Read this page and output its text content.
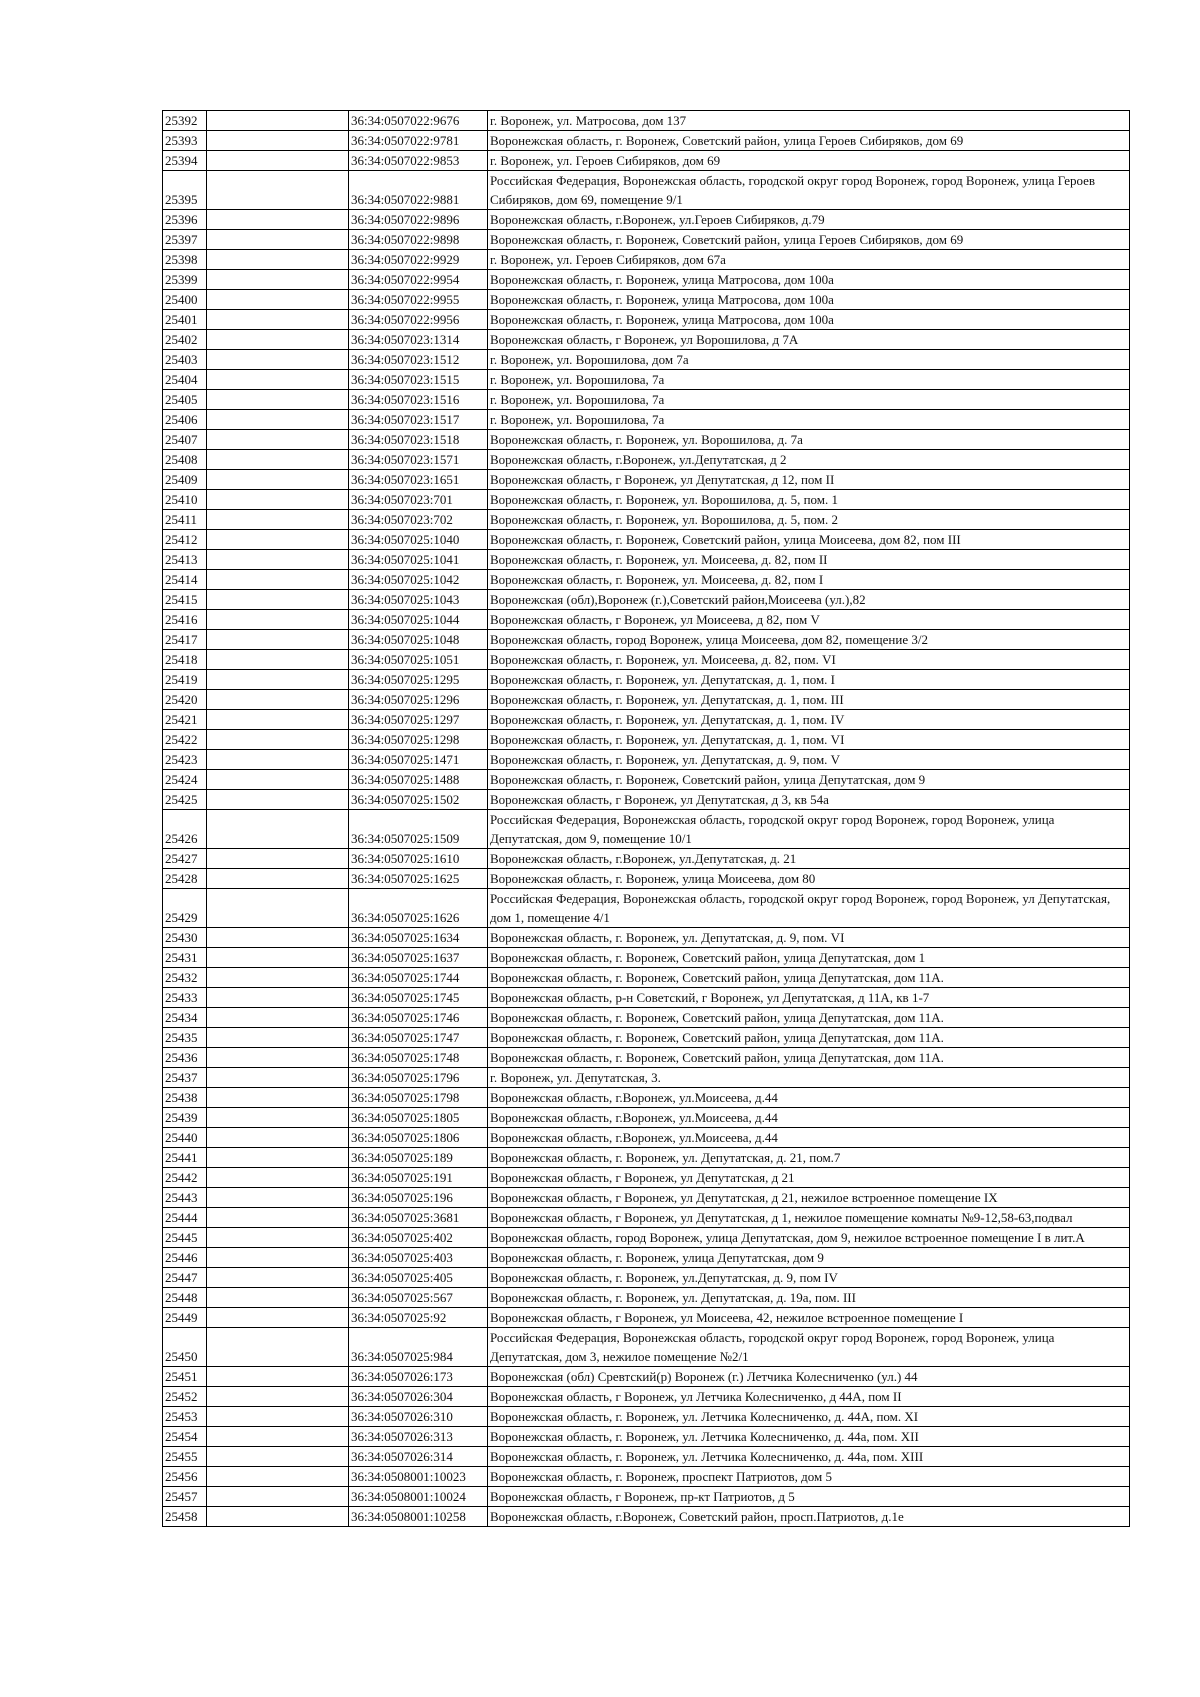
25392		36:34:0507022:9676	г. Воронеж, ул. Матросова, дом 137
25393		36:34:0507022:9781	Воронежская область, г. Воронеж, Советский район, улица Героев Сибиряков, дом 69
25394		36:34:0507022:9853	г. Воронеж, ул. Героев Сибиряков, дом 69
25395		36:34:0507022:9881	Российская Федерация, Воронежская область, городской округ город Воронеж, город Воронеж, улица Героев Сибиряков, дом 69, помещение 9/1
25396		36:34:0507022:9896	Воронежская область, г.Воронеж, ул.Героев Сибиряков, д.79
25397		36:34:0507022:9898	Воронежская область, г. Воронеж, Советский район, улица Героев Сибиряков, дом 69
25398		36:34:0507022:9929	г. Воронеж, ул. Героев Сибиряков, дом 67а
25399		36:34:0507022:9954	Воронежская область, г. Воронеж, улица Матросова, дом 100а
25400		36:34:0507022:9955	Воронежская область, г. Воронеж, улица Матросова, дом 100а
25401		36:34:0507022:9956	Воронежская область, г. Воронеж, улица Матросова, дом 100а
25402		36:34:0507023:1314	Воронежская область, г Воронеж, ул Ворошилова, д 7А
25403		36:34:0507023:1512	г. Воронеж, ул. Ворошилова, дом 7а
25404		36:34:0507023:1515	г. Воронеж, ул. Ворошилова, 7а
25405		36:34:0507023:1516	г. Воронеж, ул. Ворошилова, 7а
25406		36:34:0507023:1517	г. Воронеж, ул. Ворошилова, 7а
25407		36:34:0507023:1518	Воронежская область, г. Воронеж, ул. Ворошилова, д. 7а
25408		36:34:0507023:1571	Воронежская область, г.Воронеж, ул.Депутатская, д 2
25409		36:34:0507023:1651	Воронежская область, г Воронеж, ул Депутатская, д 12, пом II
25410		36:34:0507023:701	Воронежская область, г. Воронеж, ул. Ворошилова, д. 5, пом. 1
25411		36:34:0507023:702	Воронежская область, г. Воронеж, ул. Ворошилова, д. 5, пом. 2
25412		36:34:0507025:1040	Воронежская область, г. Воронеж, Советский район, улица Моисеева, дом 82, пом III
25413		36:34:0507025:1041	Воронежская область, г. Воронеж, ул. Моисеева, д. 82, пом II
25414		36:34:0507025:1042	Воронежская область, г. Воронеж, ул. Моисеева, д. 82, пом I
25415		36:34:0507025:1043	Воронежская (обл),Воронеж (г.),Советский район,Моисеева (ул.),82
25416		36:34:0507025:1044	Воронежская область, г Воронеж, ул Моисеева, д 82, пом V
25417		36:34:0507025:1048	Воронежская область, город Воронеж, улица Моисеева, дом 82, помещение 3/2
25418		36:34:0507025:1051	Воронежская область, г. Воронеж, ул. Моисеева, д. 82, пом. VI
25419		36:34:0507025:1295	Воронежская область, г. Воронеж, ул. Депутатская, д. 1, пом. I
25420		36:34:0507025:1296	Воронежская область, г. Воронеж, ул. Депутатская, д. 1, пом. III
25421		36:34:0507025:1297	Воронежская область, г. Воронеж, ул. Депутатская, д. 1, пом. IV
25422		36:34:0507025:1298	Воронежская область, г. Воронеж, ул. Депутатская, д. 1, пом. VI
25423		36:34:0507025:1471	Воронежская область, г. Воронеж, ул. Депутатская, д. 9, пом. V
25424		36:34:0507025:1488	Воронежская область, г. Воронеж, Советский район, улица Депутатская, дом 9
25425		36:34:0507025:1502	Воронежская область, г Воронеж, ул Депутатская, д 3, кв 54а
25426		36:34:0507025:1509	Российская Федерация, Воронежская область, городской округ город Воронеж, город Воронеж, улица Депутатская, дом 9, помещение 10/1
25427		36:34:0507025:1610	Воронежская область, г.Воронеж, ул.Депутатская, д. 21
25428		36:34:0507025:1625	Воронежская область, г. Воронеж, улица Моисеева, дом 80
25429		36:34:0507025:1626	Российская Федерация, Воронежская область, городской округ город Воронеж, город Воронеж, ул Депутатская, дом 1, помещение 4/1
25430		36:34:0507025:1634	Воронежская область, г. Воронеж, ул. Депутатская, д. 9, пом. VI
25431		36:34:0507025:1637	Воронежская область, г. Воронеж, Советский район, улица Депутатская, дом 1
25432		36:34:0507025:1744	Воронежская область, г. Воронеж, Советский район, улица Депутатская, дом 11А.
25433		36:34:0507025:1745	Воронежская область, р-н Советский, г Воронеж, ул Депутатская, д 11А, кв 1-7
25434		36:34:0507025:1746	Воронежская область, г. Воронеж, Советский район, улица Депутатская, дом 11А.
25435		36:34:0507025:1747	Воронежская область, г. Воронеж, Советский район, улица Депутатская, дом 11А.
25436		36:34:0507025:1748	Воронежская область, г. Воронеж, Советский район, улица Депутатская, дом 11А.
25437		36:34:0507025:1796	г. Воронеж, ул. Депутатская, 3.
25438		36:34:0507025:1798	Воронежская область, г.Воронеж, ул.Моисеева, д.44
25439		36:34:0507025:1805	Воронежская область, г.Воронеж, ул.Моисеева, д.44
25440		36:34:0507025:1806	Воронежская область, г.Воронеж, ул.Моисеева, д.44
25441		36:34:0507025:189	Воронежская область, г. Воронеж, ул. Депутатская, д. 21, пом.7
25442		36:34:0507025:191	Воронежская область, г Воронеж, ул Депутатская, д 21
25443		36:34:0507025:196	Воронежская область, г Воронеж, ул Депутатская, д 21, нежилое встроенное помещение IX
25444		36:34:0507025:3681	Воронежская область, г Воронеж, ул Депутатская, д 1, нежилое помещение комнаты №9-12,58-63,подвал
25445		36:34:0507025:402	Воронежская область, город Воронеж, улица Депутатская, дом 9, нежилое встроенное помещение I в лит.А
25446		36:34:0507025:403	Воронежская область, г. Воронеж, улица Депутатская, дом 9
25447		36:34:0507025:405	Воронежская область, г. Воронеж, ул.Депутатская, д. 9, пом IV
25448		36:34:0507025:567	Воронежская область, г. Воронеж, ул. Депутатская, д. 19а, пом. III
25449		36:34:0507025:92	Воронежская область, г Воронеж, ул Моисеева, 42, нежилое встроенное помещение I
25450		36:34:0507025:984	Российская Федерация, Воронежская область, городской округ город Воронеж, город Воронеж, улица Депутатская, дом 3, нежилое помещение №2/1
25451		36:34:0507026:173	Воронежская (обл) Сревтский(р) Воронеж (г.) Летчика Колесниченко (ул.) 44
25452		36:34:0507026:304	Воронежская область, г Воронеж, ул Летчика Колесниченко, д 44А, пом II
25453		36:34:0507026:310	Воронежская область, г. Воронеж, ул. Летчика Колесниченко, д. 44А, пом. XI
25454		36:34:0507026:313	Воронежская область, г. Воронеж, ул. Летчика Колесниченко, д. 44а, пом. XII
25455		36:34:0507026:314	Воронежская область, г. Воронеж, ул. Летчика Колесниченко, д. 44а, пом. XIII
25456		36:34:0508001:10023	Воронежская область, г. Воронеж, проспект Патриотов, дом 5
25457		36:34:0508001:10024	Воронежская область, г Воронеж, пр-кт Патриотов, д 5
25458		36:34:0508001:10258	Воронежская область, г.Воронеж, Советский район, просп.Патриотов, д.1е
